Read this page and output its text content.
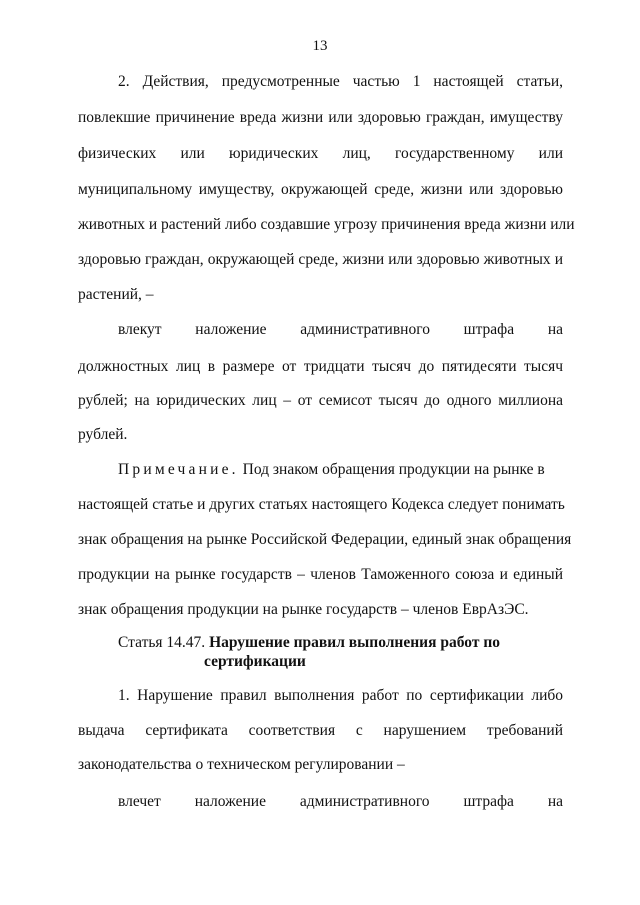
13
2. Действия, предусмотренные частью 1 настоящей статьи,
повлекшие причинение вреда жизни или здоровью граждан, имуществу
физических или юридических лиц, государственному или
муниципальному имуществу, окружающей среде, жизни или здоровью
животных и растений либо создавшие угрозу причинения вреда жизни или
здоровью граждан, окружающей среде, жизни или здоровью животных и
растений, –
влекут наложение административного штрафа на
должностных лиц в размере от тридцати тысяч до пятидесяти тысяч
рублей; на юридических лиц – от семисот тысяч до одного миллиона
рублей.
Примечание. Под знаком обращения продукции на рынке в
настоящей статье и других статьях настоящего Кодекса следует понимать
знак обращения на рынке Российской Федерации, единый знак обращения
продукции на рынке государств – членов Таможенного союза и единый
знак обращения продукции на рынке государств – членов ЕврАзЭС.
Статья 14.47. Нарушение правил выполнения работ по
сертификации
1. Нарушение правил выполнения работ по сертификации либо
выдача сертификата соответствия с нарушением требований
законодательства о техническом регулировании –
влечет наложение административного штрафа на
